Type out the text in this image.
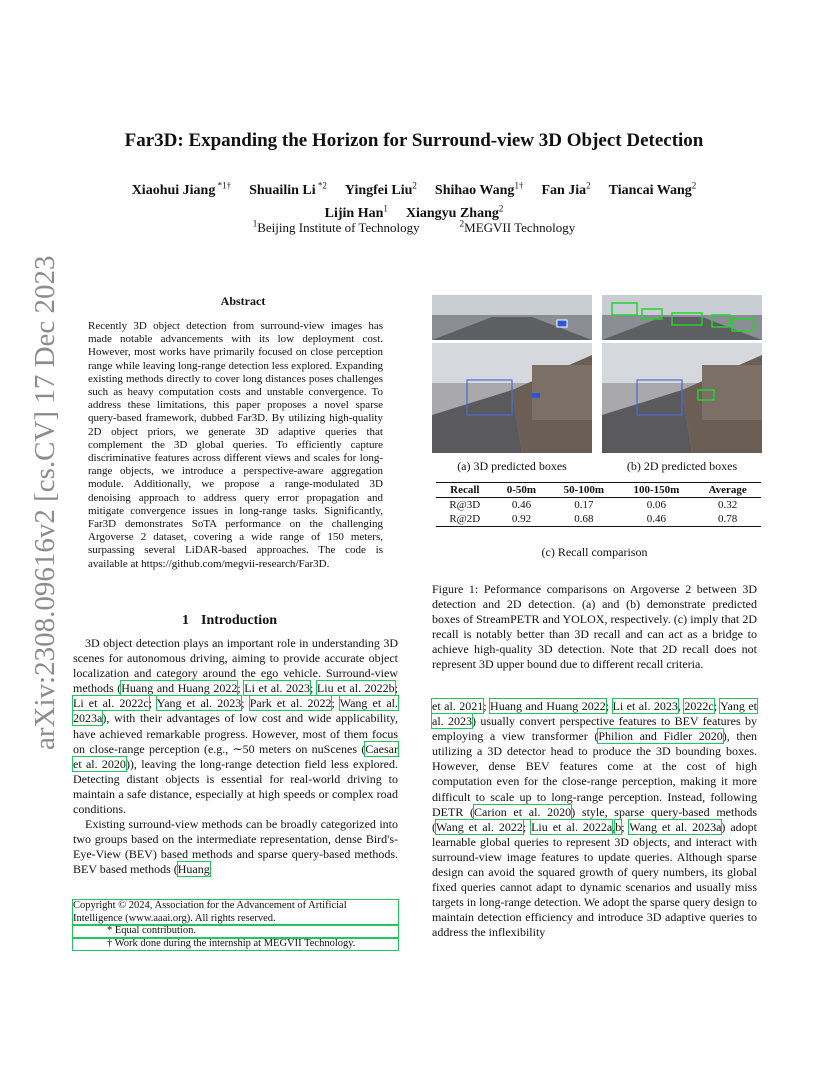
arXiv:2308.09616v2 [cs.CV] 17 Dec 2023
Far3D: Expanding the Horizon for Surround-view 3D Object Detection
Xiaohui Jiang $^{*1\dagger}$ Shuailin Li $^{*2}$ Yingfei Liu$^2$ Shihao Wang$^{1\dagger}$ Fan Jia$^2$ Tiancai Wang$^2$
Lijin Han$^1$ Xiangyu Zhang$^2$
$^1$Beijing Institute of Technology	$^2$MEGVII Technology
Abstract
Recently 3D object detection from surround-view images has made notable advancements with its low deployment cost. However, most works have primarily focused on close perception range while leaving long-range detection less explored. Expanding existing methods directly to cover long distances poses challenges such as heavy computation costs and unstable convergence. To address these limitations, this paper proposes a novel sparse query-based framework, dubbed Far3D. By utilizing high-quality 2D object priors, we generate 3D adaptive queries that complement the 3D global queries. To efficiently capture discriminative features across different views and scales for long-range objects, we introduce a perspective-aware aggregation module. Additionally, we propose a range-modulated 3D denoising approach to address query error propagation and mitigate convergence issues in long-range tasks. Significantly, Far3D demonstrates SoTA performance on the challenging Argoverse 2 dataset, covering a wide range of 150 meters, surpassing several LiDAR-based approaches. The code is available at https://github.com/megvii-research/Far3D.
1 Introduction

3D object detection plays an important role in understanding 3D scenes for autonomous driving, aiming to provide accurate object localization and category around the ego vehicle. Surround-view methods (Huang and Huang 2022; Li et al. 2023; Liu et al. 2022b; Li et al. 2022c; Yang et al. 2023; Park et al. 2022; Wang et al. 2023a), with their advantages of low cost and wide applicability, have achieved remarkable progress. However, most of them focus on close-range perception (e.g., ∼50 meters on nuScenes (Caesar et al. 2020)), leaving the long-range detection field less explored. Detecting distant objects is essential for real-world driving to maintain a safe distance, especially at high speeds or complex road conditions.

Existing surround-view methods can be broadly categorized into two groups based on the intermediate representation, dense Bird's-Eye-View (BEV) based methods and sparse query-based methods. BEV based methods (Huang

Copyright © 2024, Association for the Advancement of Artificial Intelligence (www.aaai.org). All rights reserved.
* Equal contribution.
† Work done during the internship at MEGVII Technology.
(a) 3D predicted boxes	(b) 2D predicted boxes
Recall	0-50m	50-100m	100-150m	Average
R@3D	0.46	0.17	0.06	0.32
R@2D	0.92	0.68	0.46	0.78
(c) Recall comparison
Figure 1: Peformance comparisons on Argoverse 2 between 3D detection and 2D detection. (a) and (b) demonstrate predicted boxes of StreamPETR and YOLOX, respectively. (c) imply that 2D recall is notably better than 3D recall and can act as a bridge to achieve high-quality 3D detection. Note that 2D recall does not represent 3D upper bound due to different recall criteria.

et al. 2021; Huang and Huang 2022; Li et al. 2023, 2022c; Yang et al. 2023) usually convert perspective features to BEV features by employing a view transformer (Philion and Fidler 2020), then utilizing a 3D detector head to produce the 3D bounding boxes. However, dense BEV features come at the cost of high computation even for the close-range perception, making it more difficult to scale up to long-range perception. Instead, following DETR (Carion et al. 2020) style, sparse query-based methods (Wang et al. 2022; Liu et al. 2022a,b; Wang et al. 2023a) adopt learnable global queries to represent 3D objects, and interact with surround-view image features to update queries. Although sparse design can avoid the squared growth of query numbers, its global fixed queries cannot adapt to dynamic scenarios and usually miss targets in long-range detection. We adopt the sparse query design to maintain detection efficiency and introduce 3D adaptive queries to address the inflexibility
